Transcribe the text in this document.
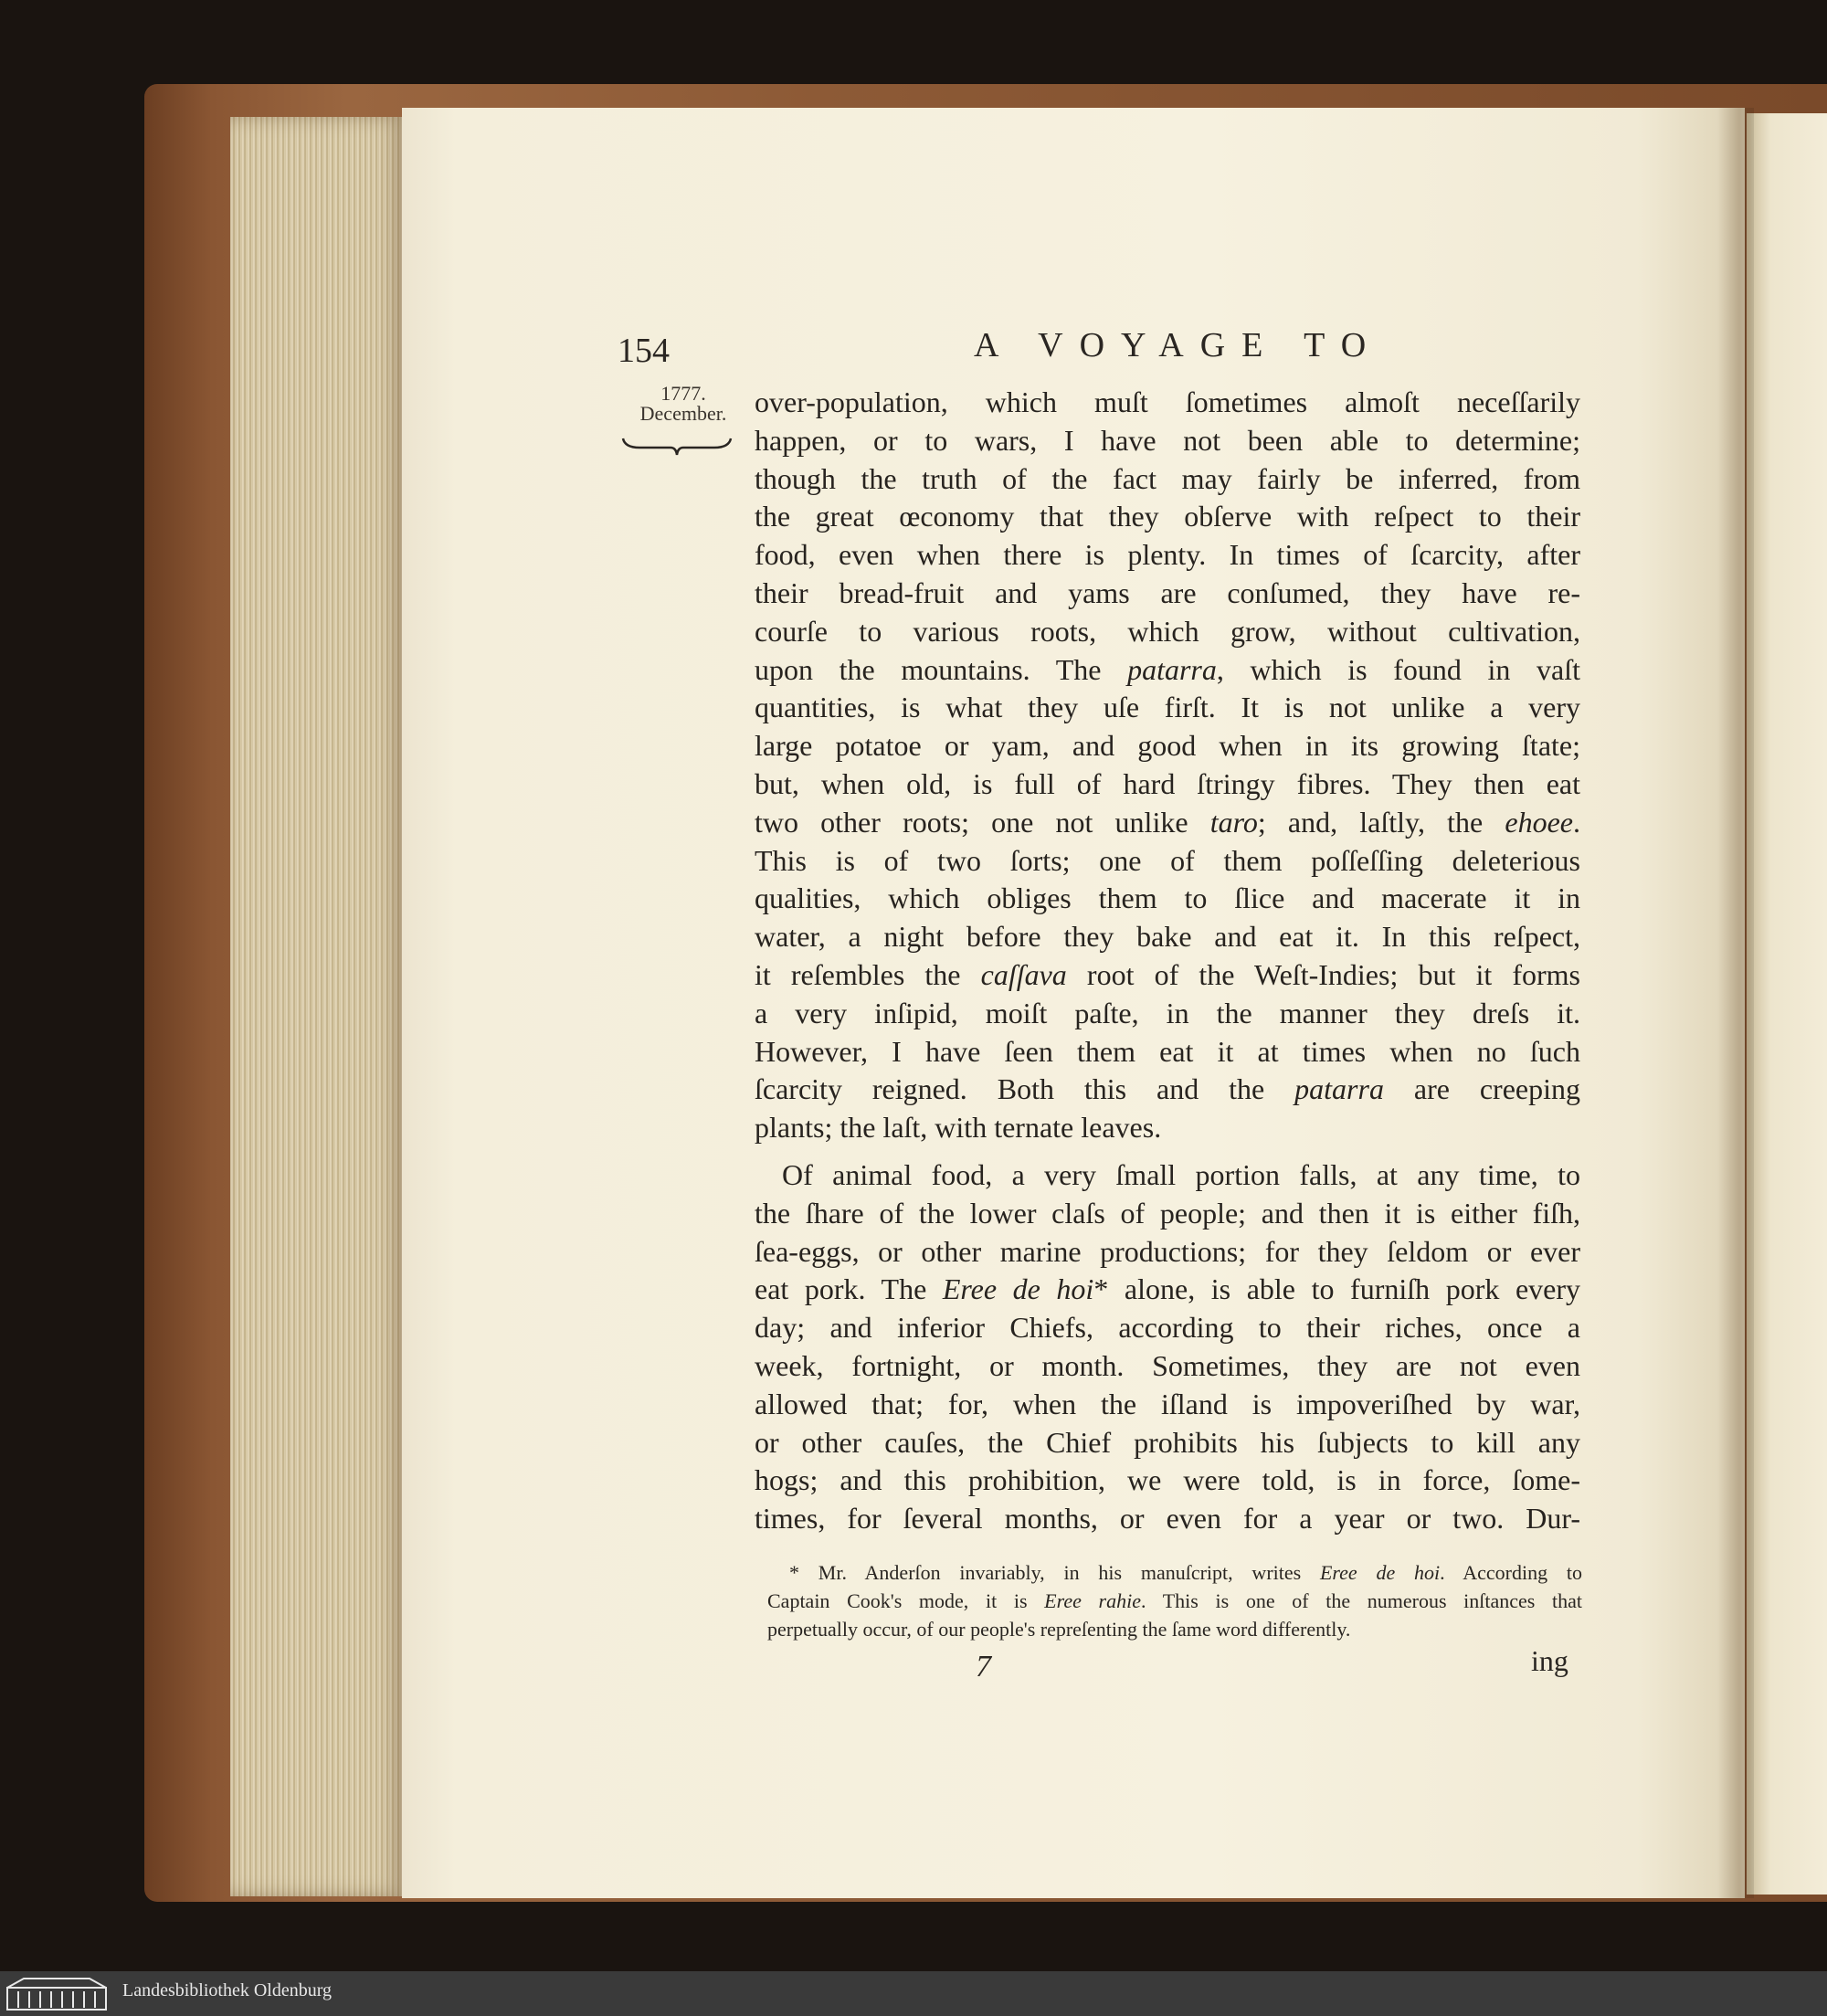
154	A VOYAGE TO
1777.
December. over-population, which muſt ſometimes almoſt neceſſarily
happen, or to wars, I have not been able to determine;
though the truth of the fact may fairly be inferred, from
the great œconomy that they obſerve with reſpect to their
food, even when there is plenty. In times of ſcarcity, after
their bread-fruit and yams are conſumed, they have re-
courſe to various roots, which grow, without cultivation,
upon the mountains. The patarra, which is found in vaſt
quantities, is what they uſe firſt. It is not unlike a very
large potatoe or yam, and good when in its growing ſtate;
but, when old, is full of hard ſtringy fibres. They then eat
two other roots; one not unlike taro; and, laſtly, the ehoee.
This is of two ſorts; one of them poſſeſſing deleterious
qualities, which obliges them to ſlice and macerate it in
water, a night before they bake and eat it. In this reſpect,
it reſembles the caſſava root of the Weſt-Indies; but it forms
a very inſipid, moiſt paſte, in the manner they dreſs it.
However, I have ſeen them eat it at times when no ſuch
ſcarcity reigned. Both this and the patarra are creeping
plants; the laſt, with ternate leaves.
Of animal food, a very ſmall portion falls, at any time, to
the ſhare of the lower claſs of people; and then it is either fiſh,
ſea-eggs, or other marine productions; for they ſeldom or ever
eat pork. The Eree de hoi* alone, is able to furniſh pork every
day; and inferior Chiefs, according to their riches, once a
week, fortnight, or month. Sometimes, they are not even
allowed that; for, when the iſland is impoveriſhed by war,
or other cauſes, the Chief prohibits his ſubjects to kill any
hogs; and this prohibition, we were told, is in force, ſome-
times, for ſeveral months, or even for a year or two. Dur-
* Mr. Anderſon invariably, in his manuſcript, writes Eree de hoi. According to
Captain Cook's mode, it is Eree rahie. This is one of the numerous inſtances that
perpetually occur, of our people's repreſenting the ſame word differently.
7	ing
Landesbibliothek Oldenburg
